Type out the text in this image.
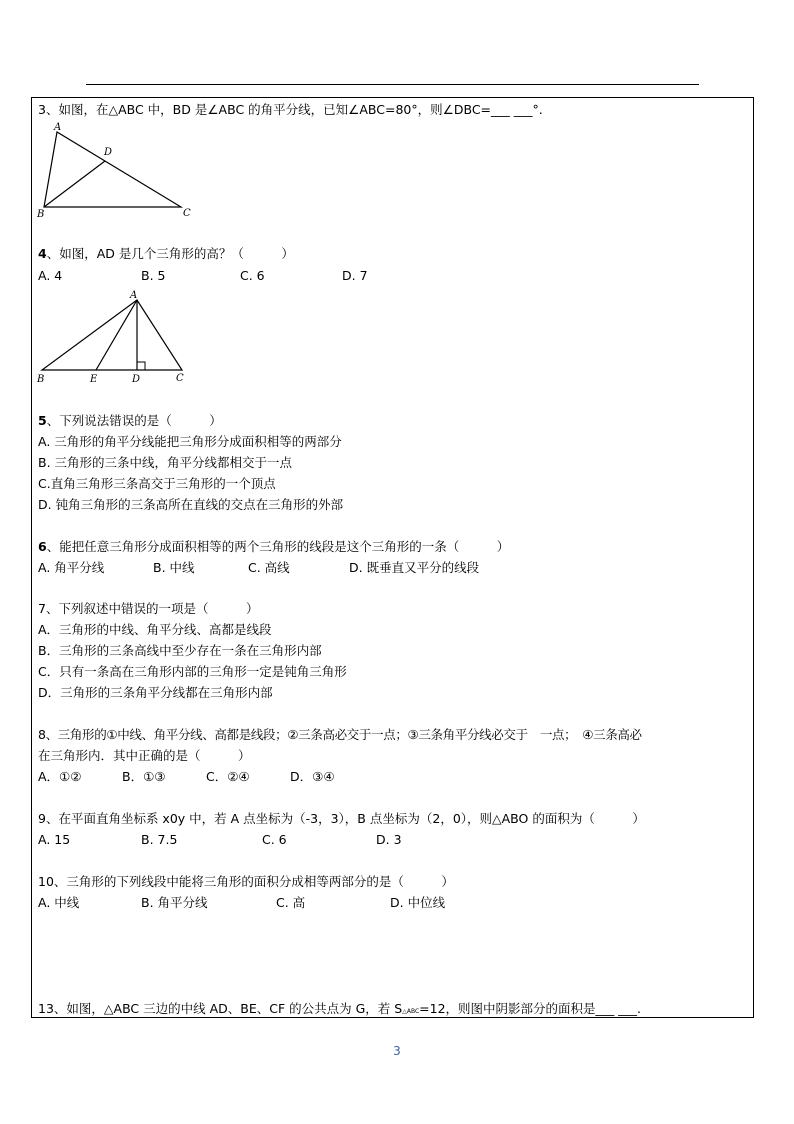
3、如图，在△ABC 中，BD 是∠ABC 的角平分线，已知∠ABC=80°，则∠DBC=___ ___°.
A
B	C
D
4、如图，AD 是几个三角形的高？（　　　）
A. 4	B. 5	C. 6	D. 7
A
B	E	D	C
5、下列说法错误的是（　　　）
A. 三角形的角平分线能把三角形分成面积相等的两部分
B. 三角形的三条中线，角平分线都相交于一点
C.直角三角形三条高交于三角形的一个顶点
D. 钝角三角形的三条高所在直线的交点在三角形的外部
6、能把任意三角形分成面积相等的两个三角形的线段是这个三角形的一条（　　　）
A. 角平分线	B. 中线	C. 高线	D. 既垂直又平分的线段
7、下列叙述中错误的一项是（　　　）
A．三角形的中线、角平分线、高都是线段
B．三角形的三条高线中至少存在一条在三角形内部
C．只有一条高在三角形内部的三角形一定是钝角三角形
D．三角形的三条角平分线都在三角形内部
8、三角形的①中线、角平分线、高都是线段；②三条高必交于一点；③三条角平分线必交于　一点；　④三条高必
在三角形内．其中正确的是（　　　）
A．①②	B．①③	C．②④	D．③④
9、在平面直角坐标系 x0y 中，若 A 点坐标为（-3，3），B 点坐标为（2，0），则△ABO 的面积为（　　　）
A. 15	B. 7.5	C. 6	D. 3
10、三角形的下列线段中能将三角形的面积分成相等两部分的是（　　　）
A. 中线	B. 角平分线	C. 高	D. 中位线
13、如图，△ABC 三边的中线 AD、BE、CF 的公共点为 G，若 S△ABC=12，则图中阴影部分的面积是___ ___.
3
